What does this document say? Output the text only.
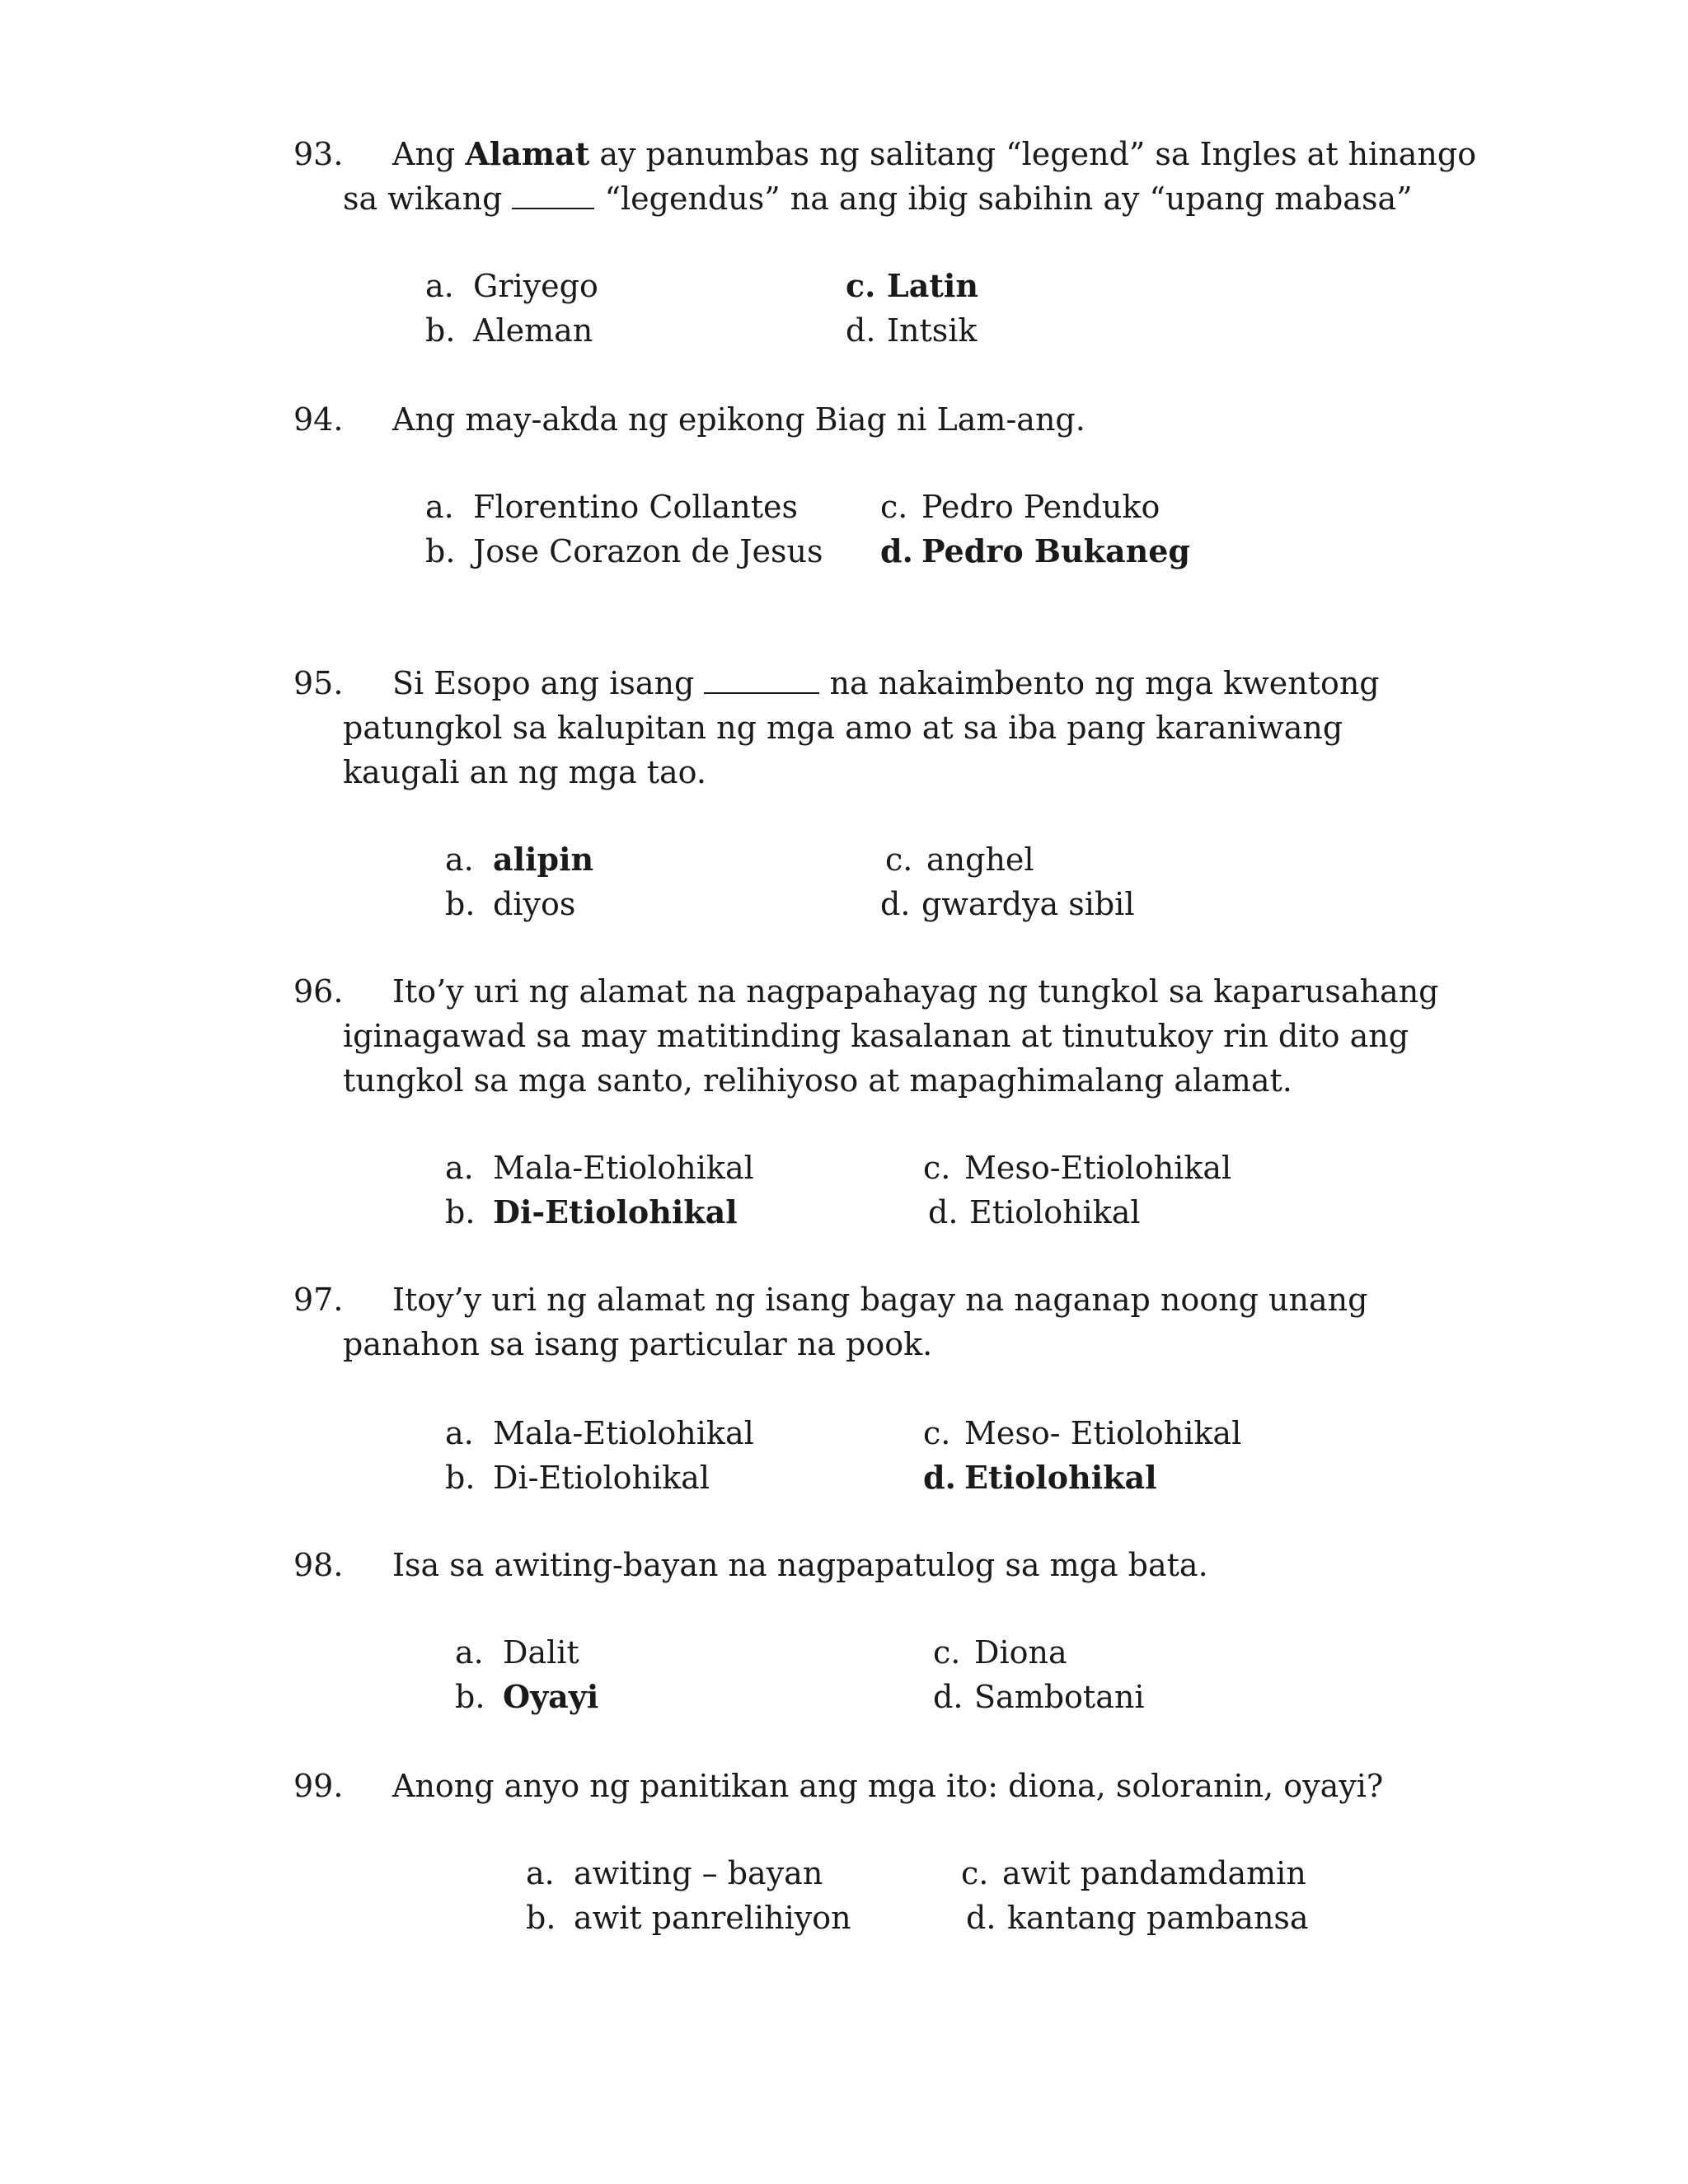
93. Ang Alamat ay panumbas ng salitang “legend” sa Ingles at hinango
sa wikang	“legendus” na ang ibig sabihin ay “upang mabasa”
a. Griyego
b. Aleman
c. Latin
d. Intsik
94. Ang may-akda ng epikong Biag ni Lam-ang.
a. Florentino Collantes
b. Jose Corazon de Jesus
c. Pedro Penduko
d. Pedro Bukaneg
95. Si Esopo ang isang	na nakaimbento ng mga kwentong
patungkol sa kalupitan ng mga amo at sa iba pang karaniwang
kaugali an ng mga tao.
a. alipin
b. diyos
c. anghel
d. gwardya sibil
96. Ito’y uri ng alamat na nagpapahayag ng tungkol sa kaparusahang
iginagawad sa may matitinding kasalanan at tinutukoy rin dito ang
tungkol sa mga santo, relihiyoso at mapaghimalang alamat.
a. Mala-Etiolohikal
b. Di-Etiolohikal
c. Meso-Etiolohikal
d. Etiolohikal
97. Itoy’y uri ng alamat ng isang bagay na naganap noong unang
panahon sa isang particular na pook.
a. Mala-Etiolohikal
b. Di-Etiolohikal
c. Meso- Etiolohikal
d. Etiolohikal
98. Isa sa awiting-bayan na nagpapatulog sa mga bata.
a. Dalit
b. Oyayi
c. Diona
d. Sambotani
99. Anong anyo ng panitikan ang mga ito: diona, soloranin, oyayi?
a. awiting – bayan
b. awit panrelihiyon
c. awit pandamdamin
d. kantang pambansa
